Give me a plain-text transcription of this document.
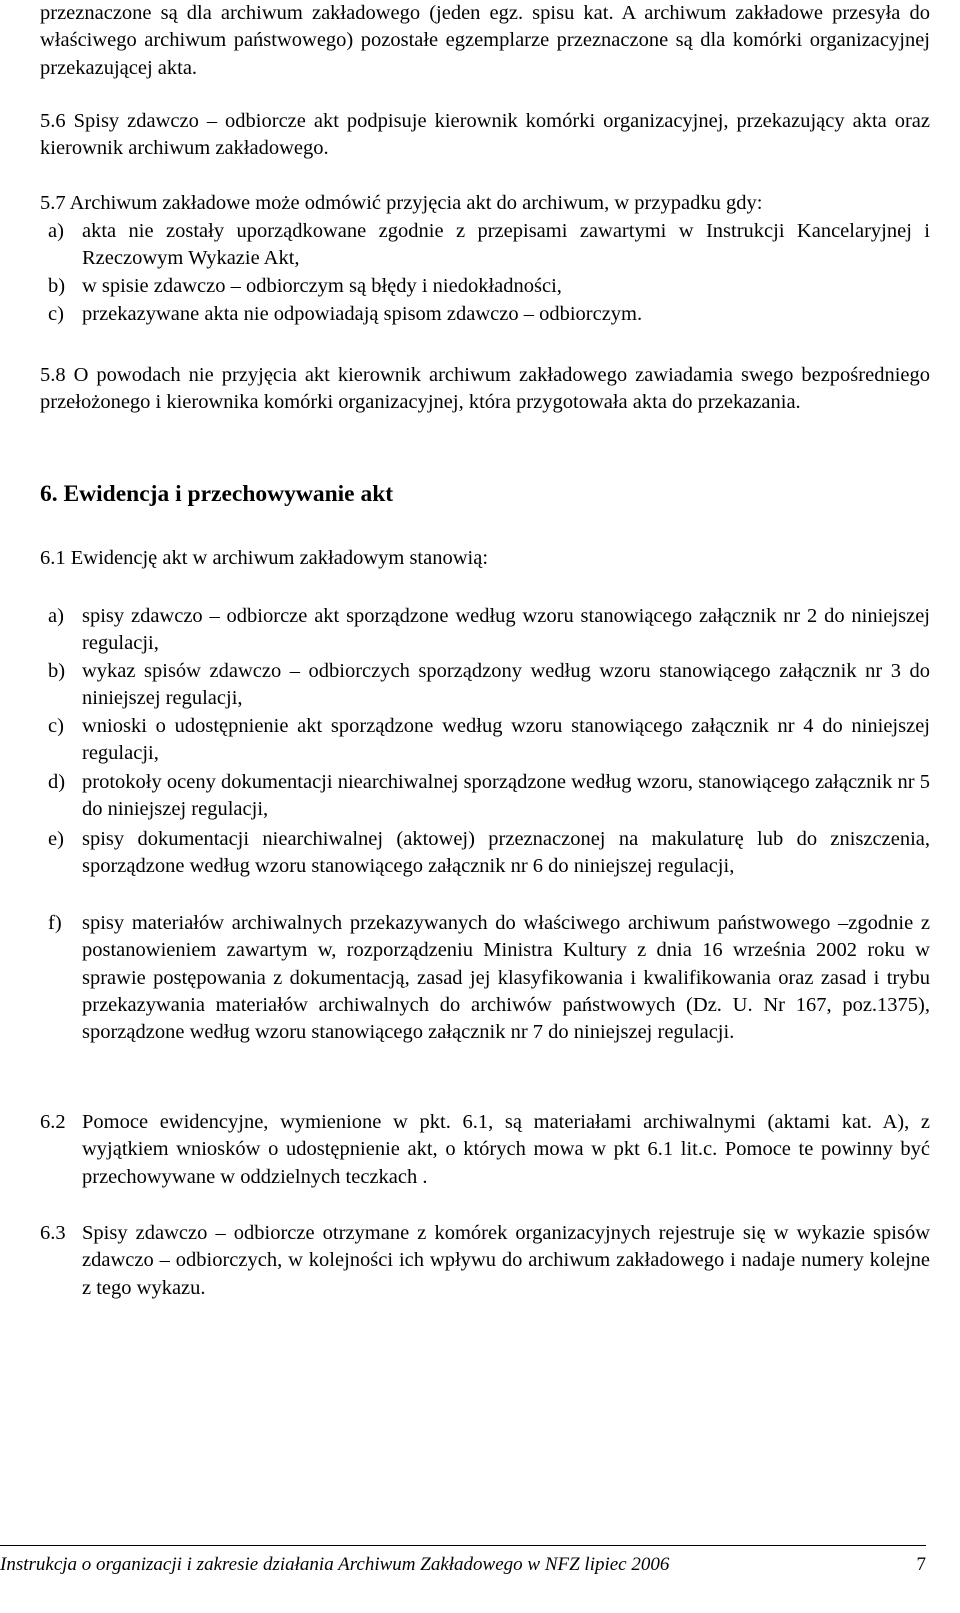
przeznaczone są dla archiwum zakładowego (jeden egz. spisu kat. A archiwum zakładowe przesyła do właściwego archiwum państwowego) pozostałe egzemplarze przeznaczone są dla komórki organizacyjnej przekazującej akta.

5.6 Spisy zdawczo – odbiorcze akt podpisuje kierownik komórki organizacyjnej, przekazujący akta oraz kierownik archiwum zakładowego.

5.7 Archiwum zakładowe może odmówić przyjęcia akt do archiwum, w przypadku gdy:

a) akta nie zostały uporządkowane zgodnie z przepisami zawartymi w Instrukcji Kancelaryjnej i Rzeczowym Wykazie Akt,
b) w spisie zdawczo – odbiorczym są błędy i niedokładności,
c) przekazywane akta nie odpowiadają spisom zdawczo – odbiorczym.

5.8 O powodach nie przyjęcia akt kierownik archiwum zakładowego zawiadamia swego bezpośredniego przełożonego i kierownika komórki organizacyjnej, która przygotowała akta do przekazania.

6. Ewidencja i przechowywanie akt

6.1 Ewidencję akt w archiwum zakładowym stanowią:

a) spisy zdawczo – odbiorcze akt sporządzone według wzoru stanowiącego załącznik nr 2 do niniejszej regulacji,
b) wykaz spisów zdawczo – odbiorczych sporządzony według wzoru stanowiącego załącznik nr 3 do niniejszej regulacji,
c) wnioski o udostępnienie akt sporządzone według wzoru stanowiącego załącznik nr 4 do niniejszej regulacji,
d) protokoły oceny dokumentacji niearchiwalnej sporządzone według wzoru, stanowiącego załącznik nr 5 do niniejszej regulacji,
e) spisy dokumentacji niearchiwalnej (aktowej) przeznaczonej na makulaturę lub do zniszczenia, sporządzone według wzoru stanowiącego załącznik nr 6 do niniejszej regulacji,
f) spisy materiałów archiwalnych przekazywanych do właściwego archiwum państwowego –zgodnie z postanowieniem zawartym w, rozporządzeniu Ministra Kultury z dnia 16 września 2002 roku w sprawie postępowania z dokumentacją, zasad jej klasyfikowania i kwalifikowania oraz zasad i trybu przekazywania materiałów archiwalnych do archiwów państwowych (Dz. U. Nr 167, poz.1375), sporządzone według wzoru stanowiącego załącznik nr 7 do niniejszej regulacji.
6.2 Pomoce ewidencyjne, wymienione w pkt. 6.1, są materiałami archiwalnymi (aktami kat. A), z wyjątkiem wniosków o udostępnienie akt, o których mowa w pkt 6.1 lit.c. Pomoce te powinny być przechowywane w oddzielnych teczkach .
6.3 Spisy zdawczo – odbiorcze otrzymane z komórek organizacyjnych rejestruje się w wykazie spisów zdawczo – odbiorczych, w kolejności ich wpływu do archiwum zakładowego i nadaje numery kolejne z tego wykazu.
Instrukcja o organizacji i zakresie działania Archiwum Zakładowego w NFZ lipiec 2006	7
